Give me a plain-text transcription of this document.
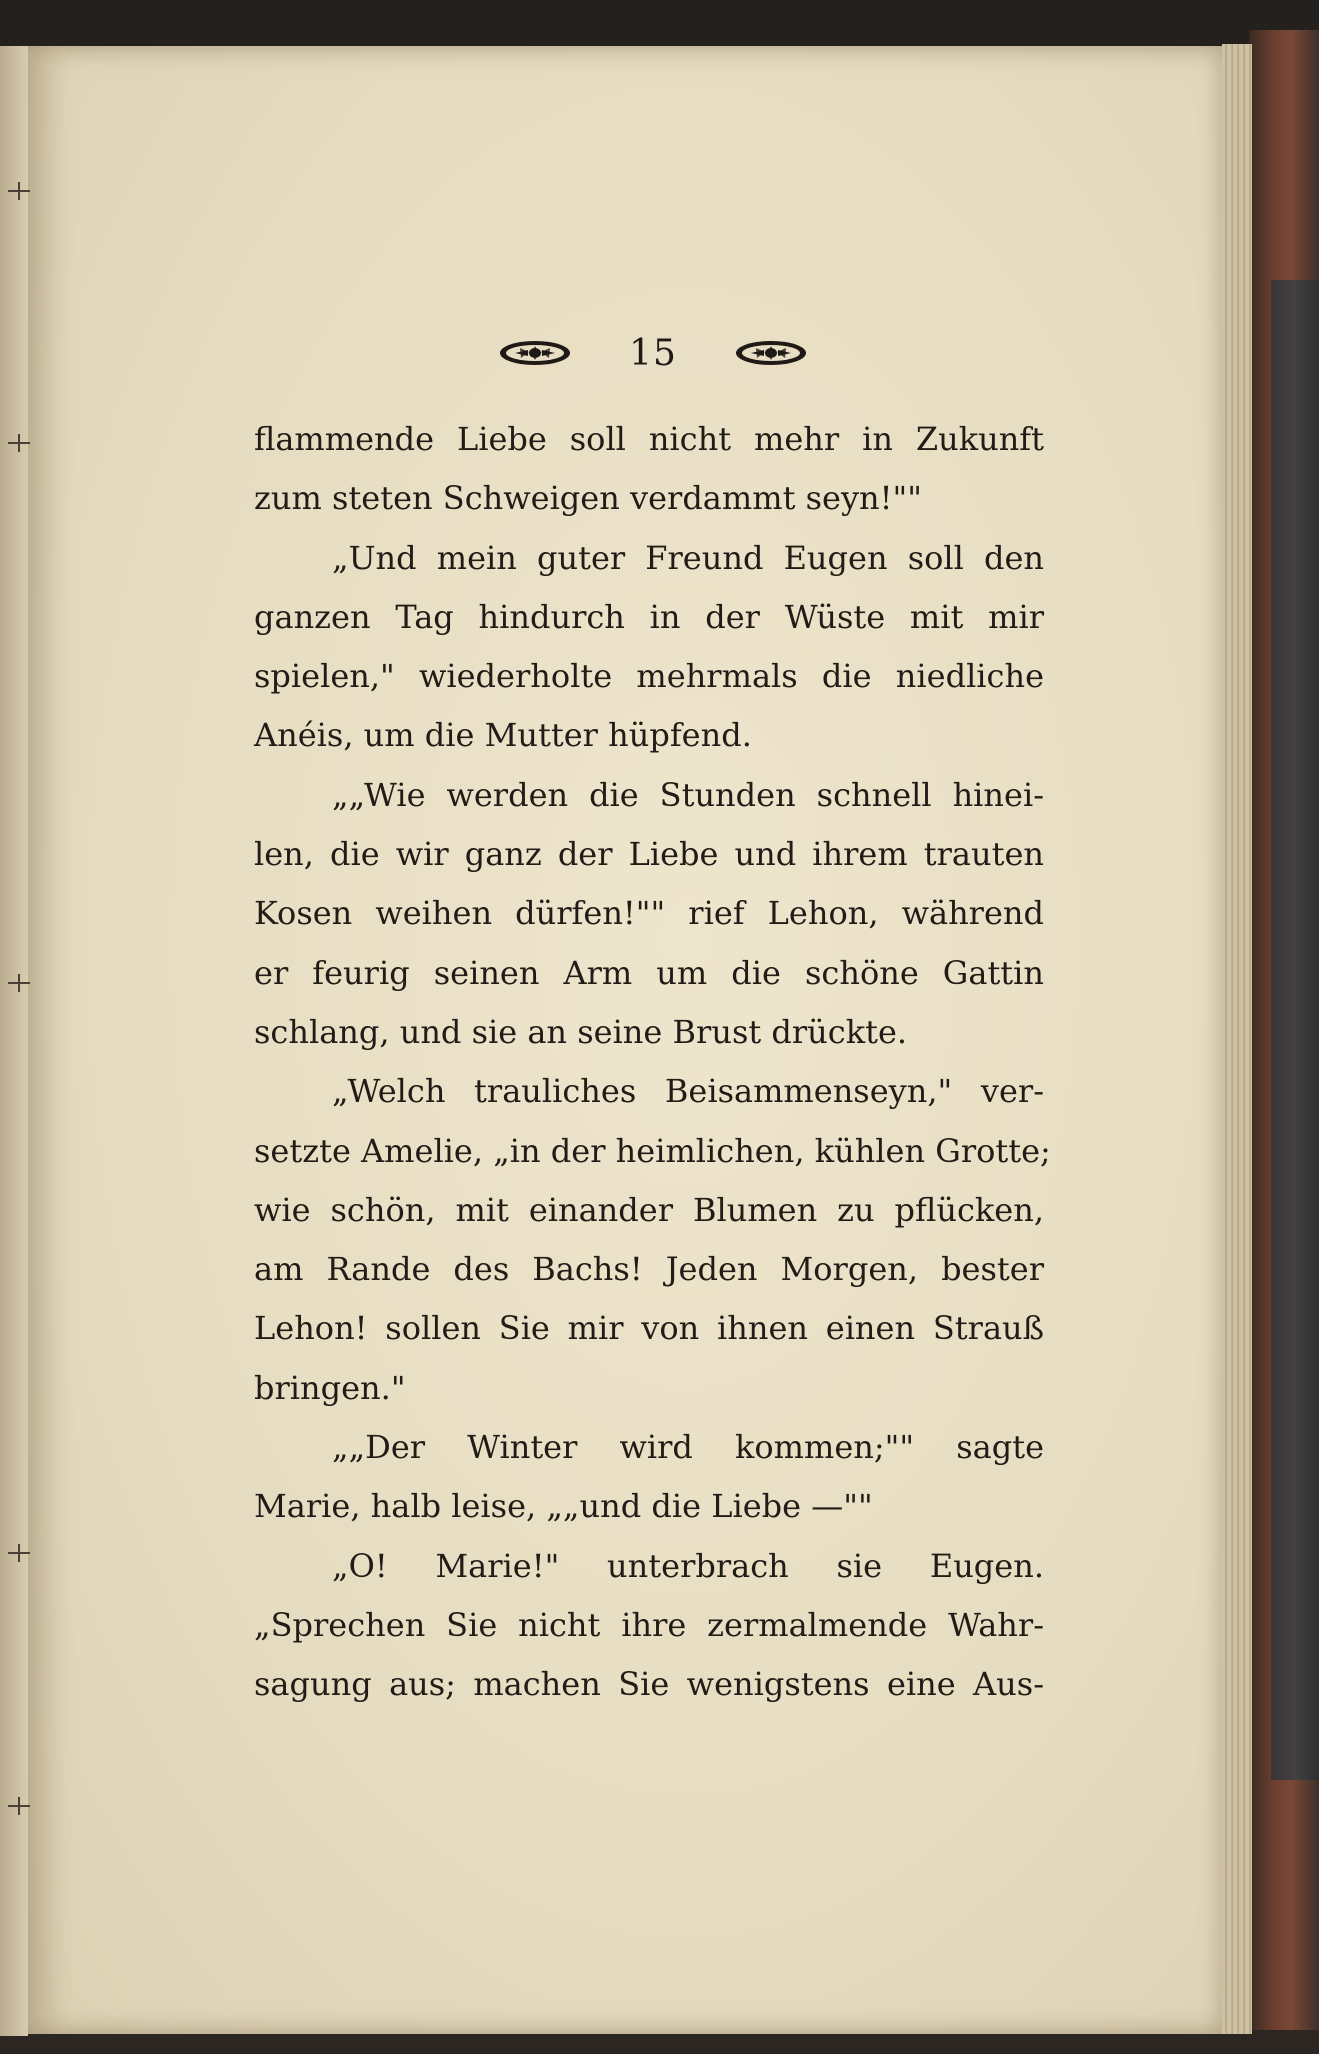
15
flammende Liebe soll nicht mehr in Zukunft
zum steten Schweigen verdammt seyn!""
„Und mein guter Freund Eugen soll den
ganzen Tag hindurch in der Wüste mit mir
spielen," wiederholte mehrmals die niedliche
Anéis, um die Mutter hüpfend.
„„Wie werden die Stunden schnell hinei-
len, die wir ganz der Liebe und ihrem trauten
Kosen weihen dürfen!"" rief Lehon, während
er feurig seinen Arm um die schöne Gattin
schlang, und sie an seine Brust drückte.
„Welch trauliches Beisammenseyn," ver-
setzte Amelie, „in der heimlichen, kühlen Grotte;
wie schön, mit einander Blumen zu pflücken,
am Rande des Bachs! Jeden Morgen, bester
Lehon! sollen Sie mir von ihnen einen Strauß
bringen."
„„Der Winter wird kommen;"" sagte
Marie, halb leise, „„und die Liebe —""
„O! Marie!" unterbrach sie Eugen.
„Sprechen Sie nicht ihre zermalmende Wahr-
sagung aus; machen Sie wenigstens eine Aus-
